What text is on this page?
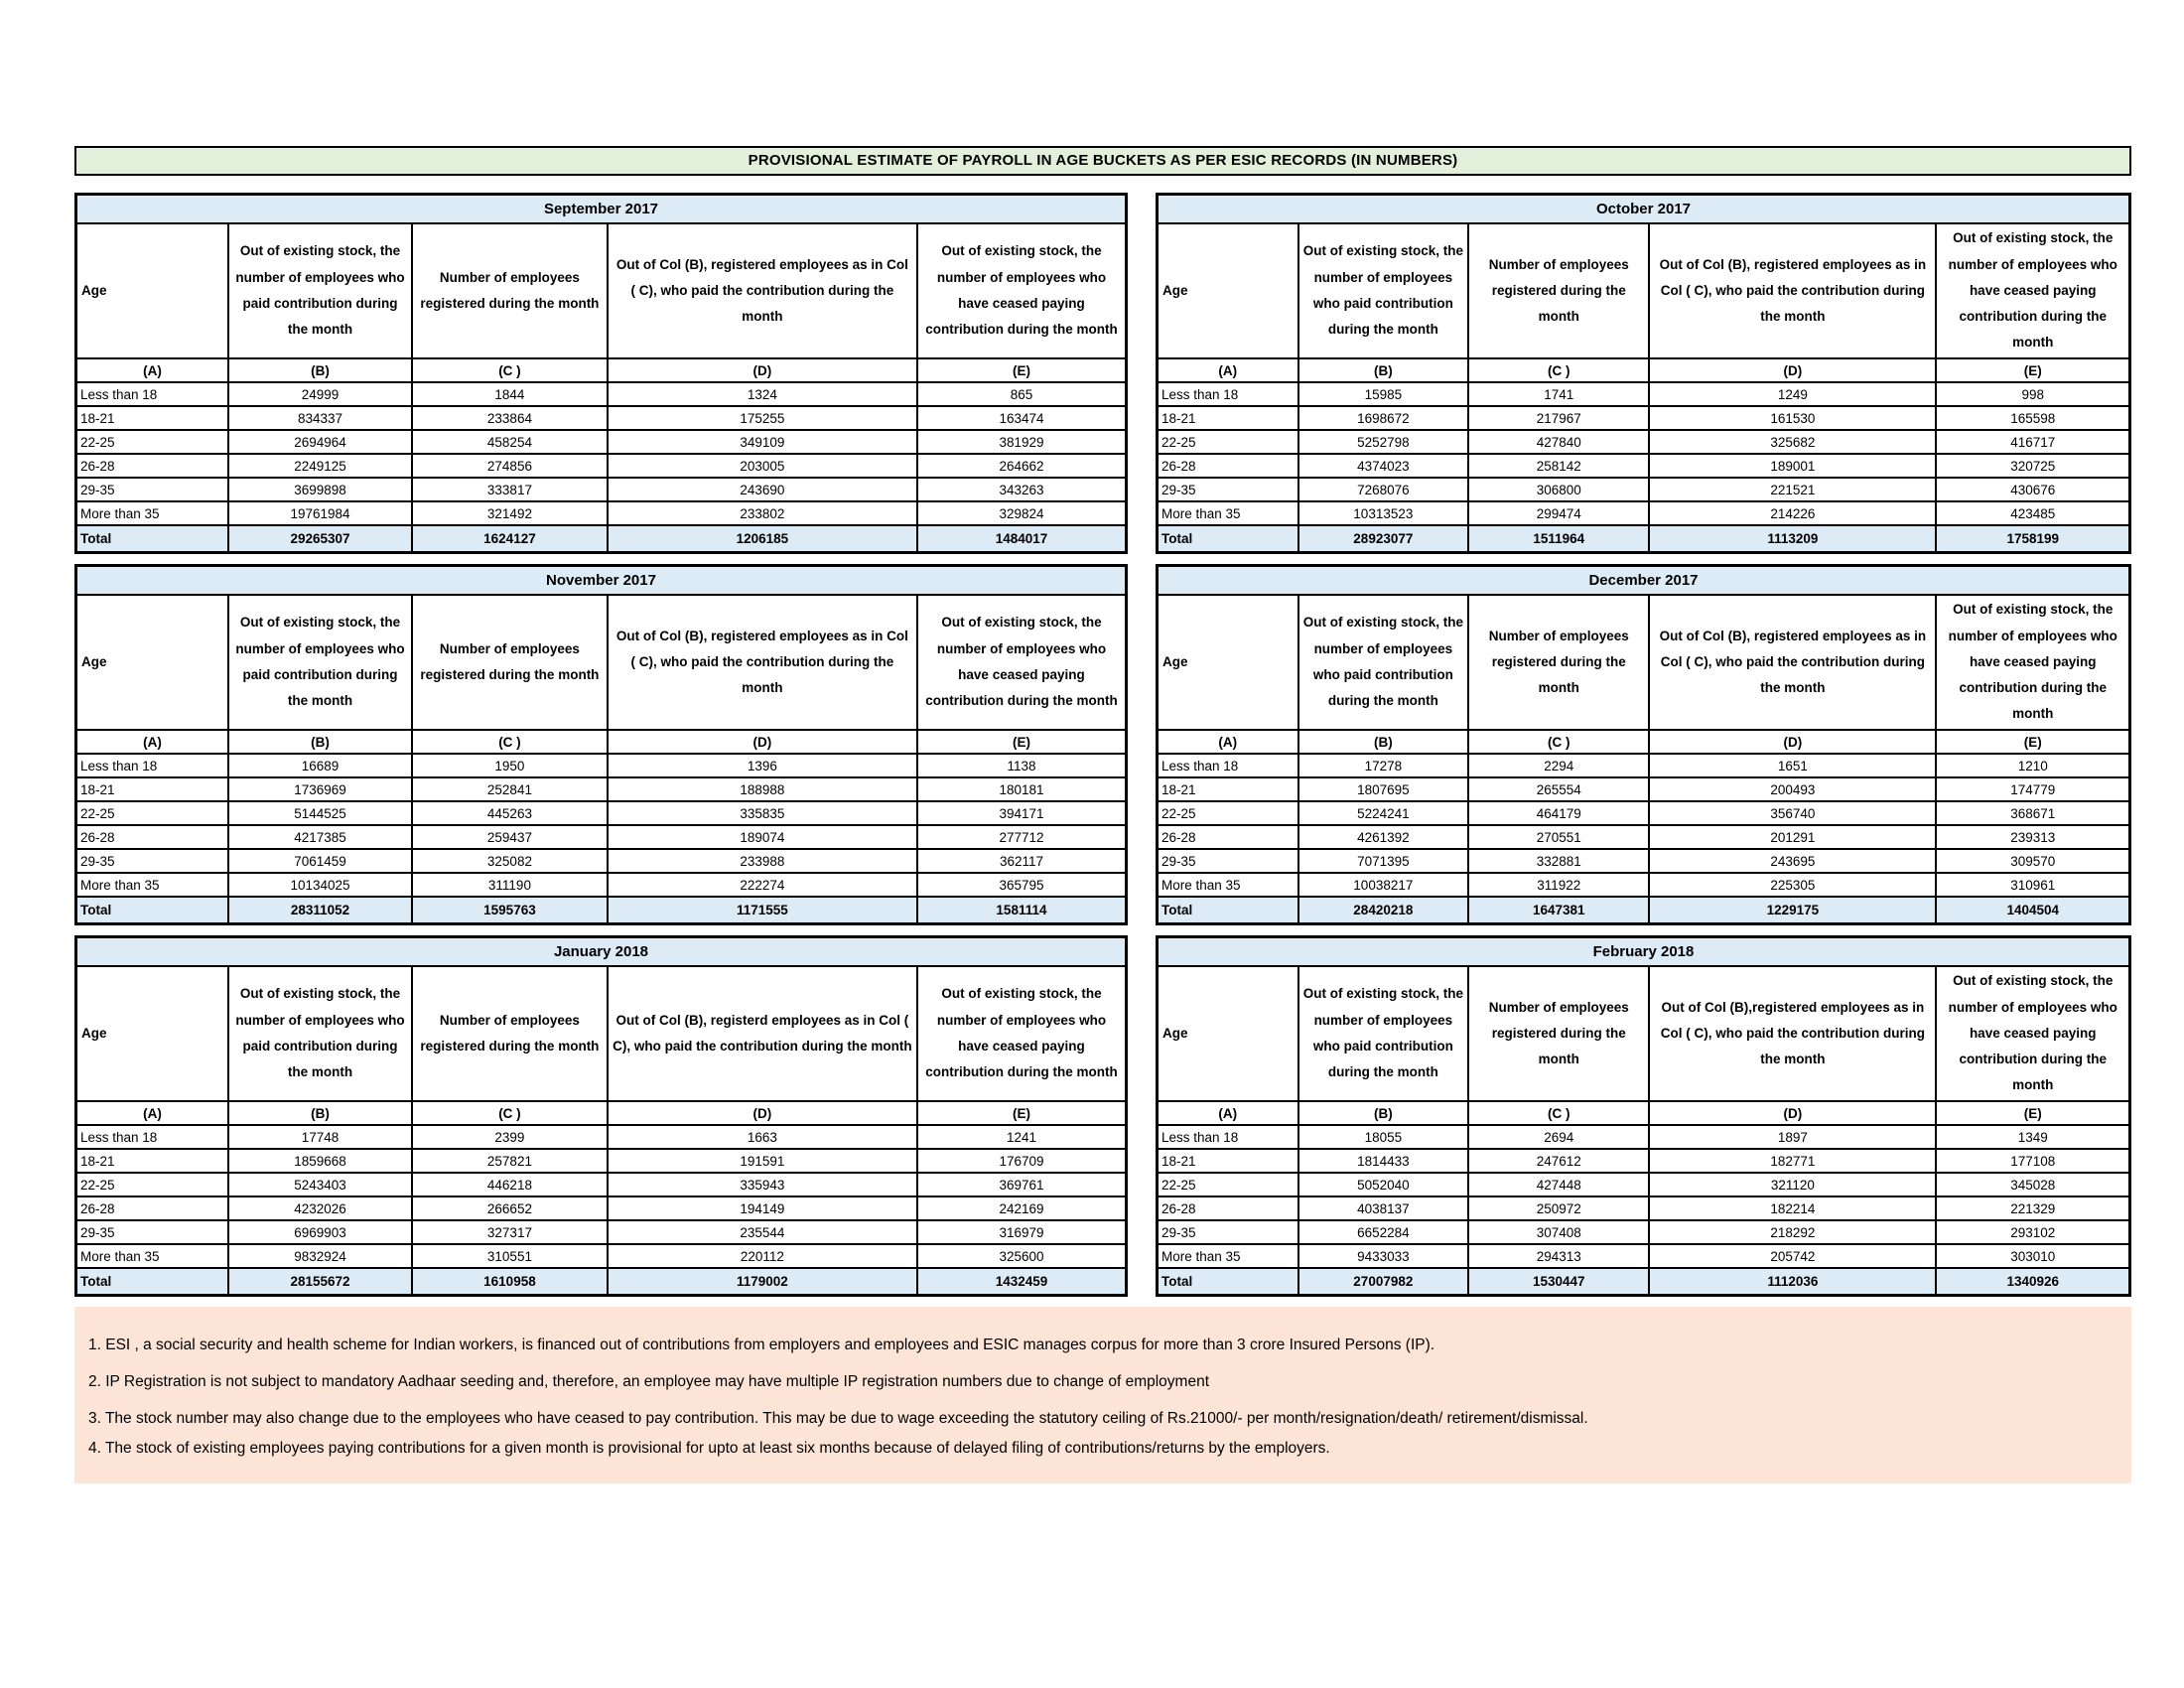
PROVISIONAL ESTIMATE OF PAYROLL IN AGE BUCKETS AS PER ESIC RECORDS (IN NUMBERS)
September 2017				
Age	Out of existing stock, the number of employees who paid contribution during the month	Number of employees registered during the month	Out of Col (B), registered employees as in Col ( C), who paid the contribution during the month	Out of existing stock, the number of employees who have ceased paying contribution during the month
(A)	(B)	(C )	(D)	(E)
Less than 18	24999	1844	1324	865
18-21	834337	233864	175255	163474
22-25	2694964	458254	349109	381929
26-28	2249125	274856	203005	264662
29-35	3699898	333817	243690	343263
More than 35	19761984	321492	233802	329824
Total	29265307	1624127	1206185	1484017
October 2017				
Age	Out of existing stock, the number of employees who paid contribution during the month	Number of employees registered during the month	Out of Col (B), registered employees as in Col ( C), who paid the contribution during the month	Out of existing stock, the number of employees who have ceased paying contribution during the month
(A)	(B)	(C )	(D)	(E)
Less than 18	15985	1741	1249	998
18-21	1698672	217967	161530	165598
22-25	5252798	427840	325682	416717
26-28	4374023	258142	189001	320725
29-35	7268076	306800	221521	430676
More than 35	10313523	299474	214226	423485
Total	28923077	1511964	1113209	1758199
November 2017				
Age	Out of existing stock, the number of employees who paid contribution during the month	Number of employees registered during the month	Out of Col (B), registered employees as in Col ( C), who paid the contribution during the month	Out of existing stock, the number of employees who have ceased paying contribution during the month
(A)	(B)	(C )	(D)	(E)
Less than 18	16689	1950	1396	1138
18-21	1736969	252841	188988	180181
22-25	5144525	445263	335835	394171
26-28	4217385	259437	189074	277712
29-35	7061459	325082	233988	362117
More than 35	10134025	311190	222274	365795
Total	28311052	1595763	1171555	1581114
December 2017				
Age	Out of existing stock, the number of employees who paid contribution during the month	Number of employees registered during the month	Out of Col (B), registered employees as in Col ( C), who paid the contribution during the month	Out of existing stock, the number of employees who have ceased paying contribution during the month
(A)	(B)	(C )	(D)	(E)
Less than 18	17278	2294	1651	1210
18-21	1807695	265554	200493	174779
22-25	5224241	464179	356740	368671
26-28	4261392	270551	201291	239313
29-35	7071395	332881	243695	309570
More than 35	10038217	311922	225305	310961
Total	28420218	1647381	1229175	1404504
January 2018				
Age	Out of existing stock, the number of employees who paid contribution during the month	Number of employees registered during the month	Out of Col (B), registerd employees as in Col ( C), who paid the contribution during the month	Out of existing stock, the number of employees who have ceased paying contribution during the month
(A)	(B)	(C )	(D)	(E)
Less than 18	17748	2399	1663	1241
18-21	1859668	257821	191591	176709
22-25	5243403	446218	335943	369761
26-28	4232026	266652	194149	242169
29-35	6969903	327317	235544	316979
More than 35	9832924	310551	220112	325600
Total	28155672	1610958	1179002	1432459
February 2018				
Age	Out of existing stock, the number of employees who paid contribution during the month	Number of employees registered during the month	Out of Col (B),registered employees as in Col ( C), who paid the contribution during the month	Out of existing stock, the number of employees who have ceased paying contribution during the month
(A)	(B)	(C )	(D)	(E)
Less than 18	18055	2694	1897	1349
18-21	1814433	247612	182771	177108
22-25	5052040	427448	321120	345028
26-28	4038137	250972	182214	221329
29-35	6652284	307408	218292	293102
More than 35	9433033	294313	205742	303010
Total	27007982	1530447	1112036	1340926

1. ESI , a social security and health scheme for Indian workers, is financed out of contributions from employers and employees and ESIC manages corpus for more than 3 crore Insured Persons (IP).

2. IP Registration is not subject to mandatory Aadhaar seeding and, therefore, an employee may have multiple IP registration numbers due to change of employment

3. The stock number may also change due to the employees who have ceased to pay contribution. This may be due to wage exceeding the statutory ceiling of Rs.21000/- per month/resignation/death/ retirement/dismissal.

4. The stock of existing employees paying contributions for a given month is provisional for upto at least six months because of delayed filing of contributions/returns by the employers.
